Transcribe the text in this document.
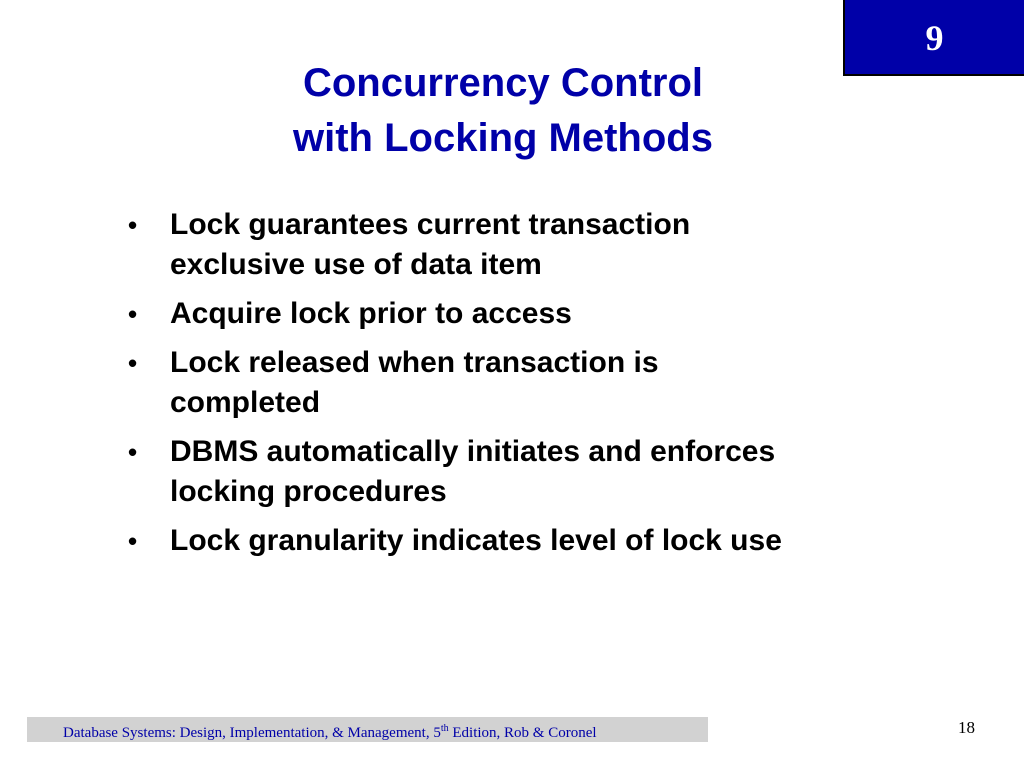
9
Concurrency Control
with Locking Methods
• Lock guarantees current transaction
exclusive use of data item
• Acquire lock prior to access
• Lock released when transaction is
completed
• DBMS automatically initiates and enforces
locking procedures
• Lock granularity indicates level of lock use
Database Systems: Design, Implementation, & Management, 5th Edition, Rob & Coronel	18
